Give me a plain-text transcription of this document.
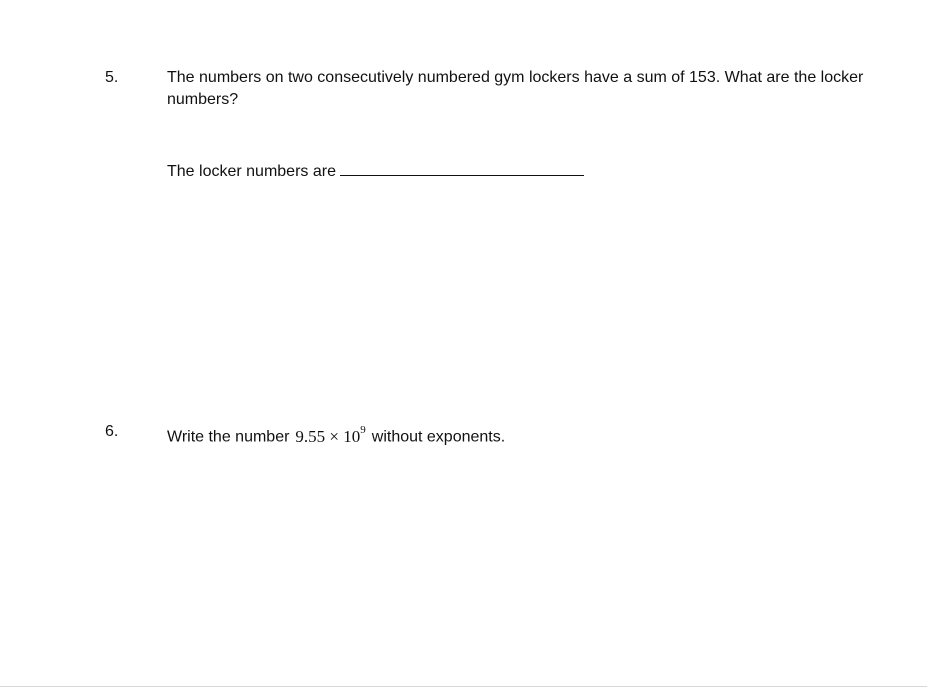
5.	The numbers on two consecutively numbered gym lockers have a sum of 153. What are the locker numbers?
The locker numbers are
6.	Write the number $9.55 \times 10^9$ without exponents.
